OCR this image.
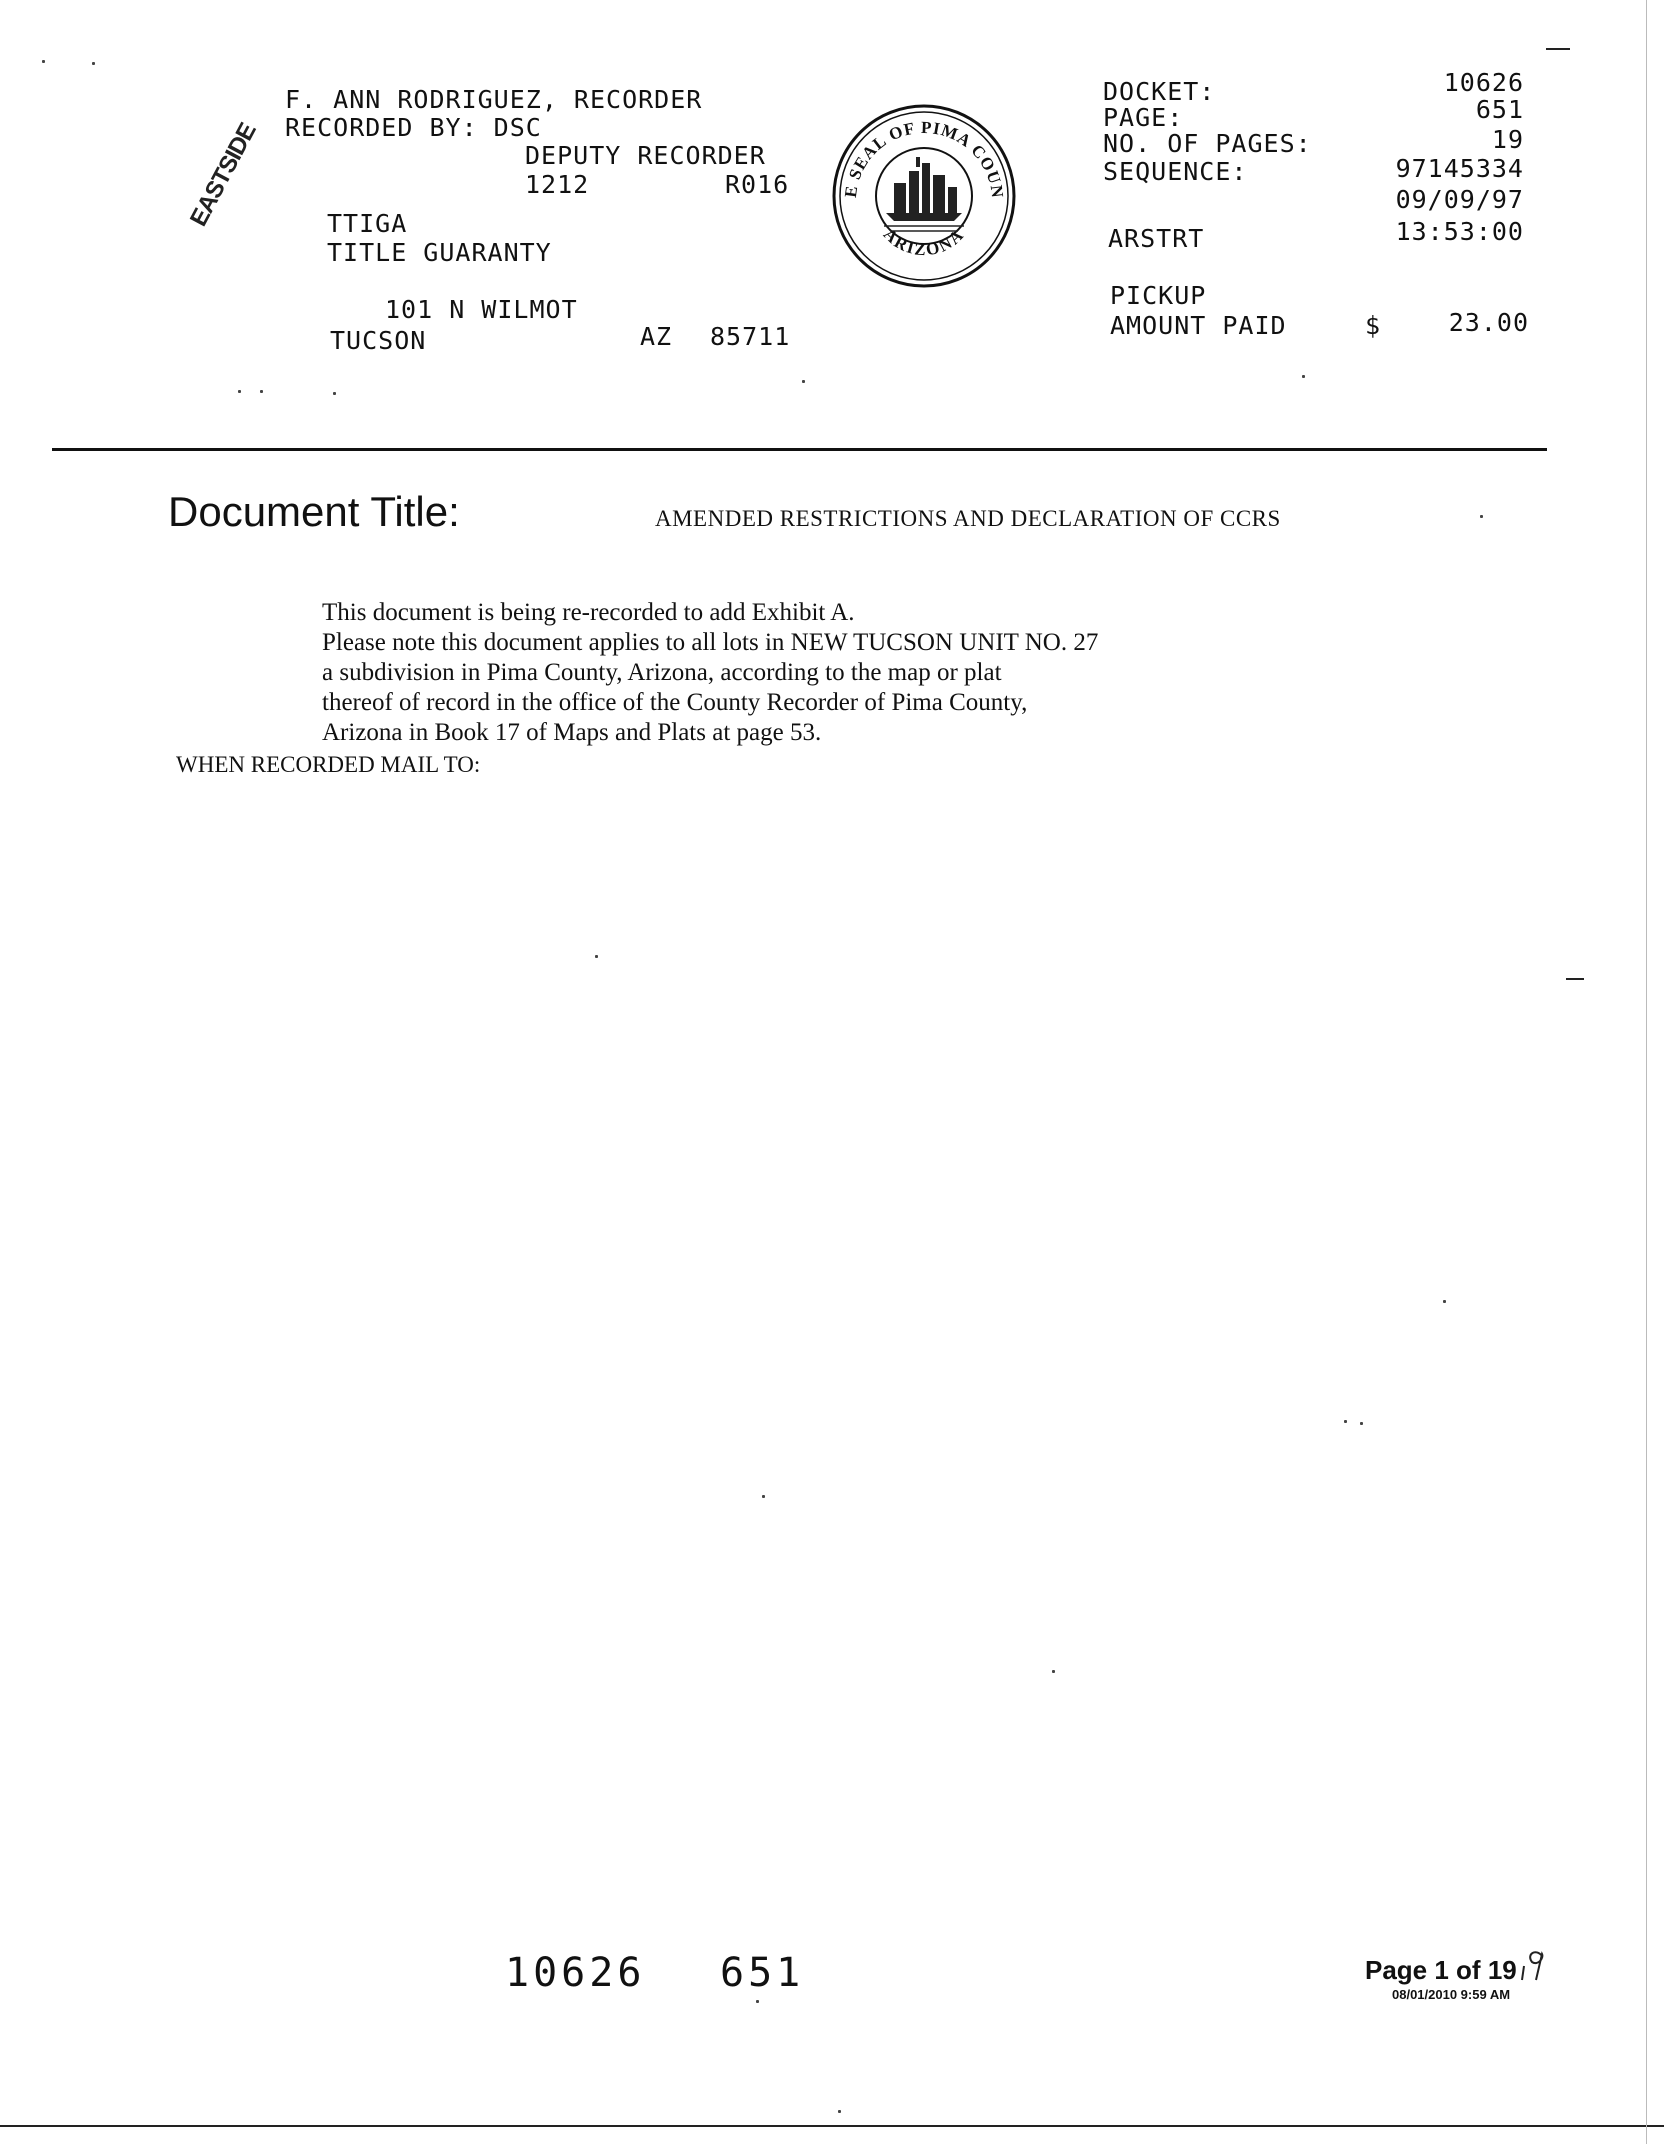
F. ANN RODRIGUEZ, RECORDER
RECORDED BY: DSC
DEPUTY RECORDER
1212	R016
EASTSIDE	TTIGA
TITLE GUARANTY
101 N WILMOT
TUCSON	AZ 85711

E SEAL OF PIMA COUN
ARIZONA

DOCKET:	10626
PAGE:	651
NO. OF PAGES:	19
SEQUENCE:	97145334
09/09/97
ARSTRT	13:53:00
PICKUP
AMOUNT PAID	$	23.00
Document Title:	AMENDED RESTRICTIONS AND DECLARATION OF CCRS
This document is being re-recorded to add Exhibit A.
Please note this document applies to all lots in NEW TUCSON UNIT NO. 27
a subdivision in Pima County, Arizona, according to the map or plat
thereof of record in the office of the County Recorder of Pima County,
Arizona in Book 17 of Maps and Plats at page 53.
WHEN RECORDED MAIL TO:
10626 651	Page 1 of 19
08/01/2010 9:59 AM
